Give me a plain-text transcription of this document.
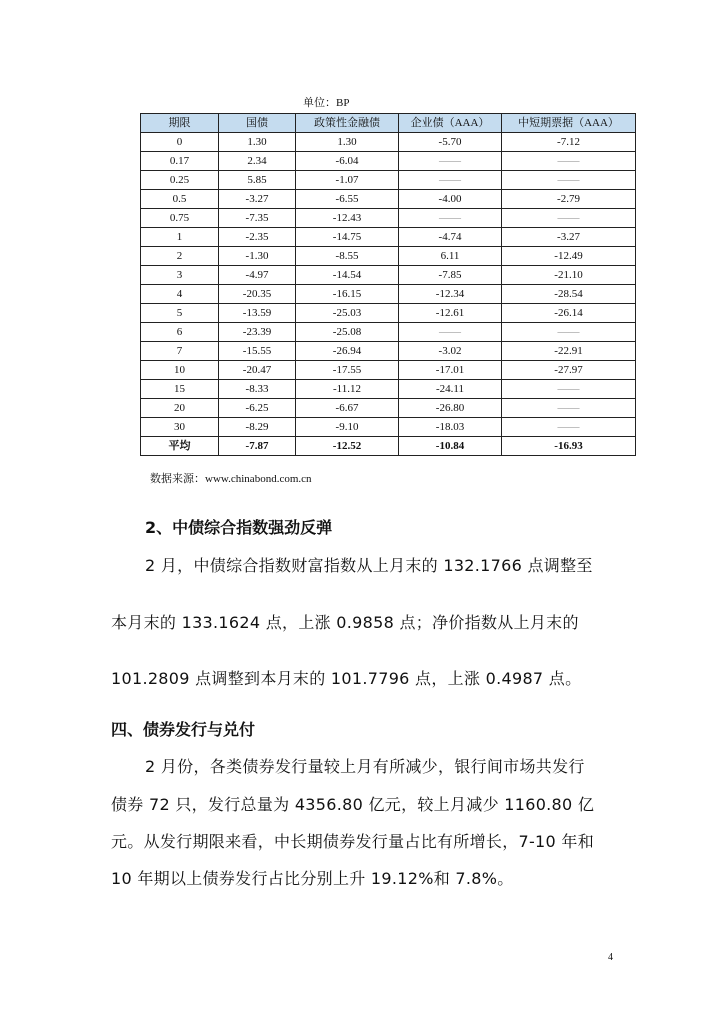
单位：BP
期限	国债	政策性金融债	企业债（AAA）	中短期票据（AAA）
0	1.30	1.30	-5.70	-7.12
0.17	2.34	-6.04	——	——
0.25	5.85	-1.07	——	——
0.5	-3.27	-6.55	-4.00	-2.79
0.75	-7.35	-12.43	——	——
1	-2.35	-14.75	-4.74	-3.27
2	-1.30	-8.55	6.11	-12.49
3	-4.97	-14.54	-7.85	-21.10
4	-20.35	-16.15	-12.34	-28.54
5	-13.59	-25.03	-12.61	-26.14
6	-23.39	-25.08	——	——
7	-15.55	-26.94	-3.02	-22.91
10	-20.47	-17.55	-17.01	-27.97
15	-8.33	-11.12	-24.11	——
20	-6.25	-6.67	-26.80	——
30	-8.29	-9.10	-18.03	——
平均	-7.87	-12.52	-10.84	-16.93
数据来源：www.chinabond.com.cn
2、中债综合指数强劲反弹
2 月，中债综合指数财富指数从上月末的 132.1766 点调整至
本月末的 133.1624 点，上涨 0.9858 点；净价指数从上月末的
101.2809 点调整到本月末的 101.7796 点，上涨 0.4987 点。
四、债券发行与兑付
2 月份，各类债券发行量较上月有所减少，银行间市场共发行
债券 72 只，发行总量为 4356.80 亿元，较上月减少 1160.80 亿
元。从发行期限来看，中长期债券发行量占比有所增长，7-10 年和
10 年期以上债券发行占比分别上升 19.12%和 7.8%。
4
